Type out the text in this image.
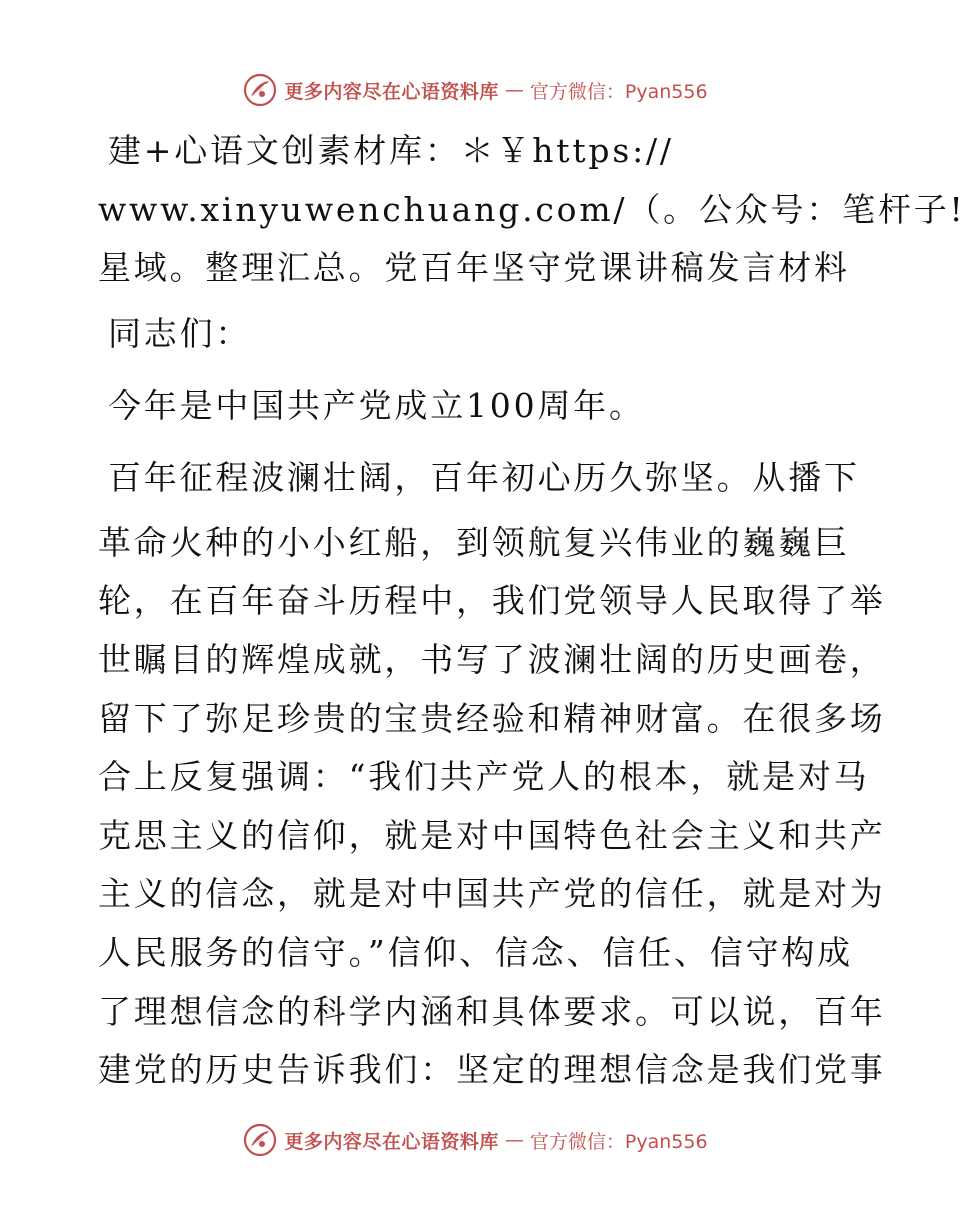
更多内容尽在心语资料库 — 官方微信：Pyan556
建+心语文创素材库：＊￥https://
www.xinyuwenchuang.com/（。公众号：笔杆子!
星域。整理汇总。党百年坚守党课讲稿发言材料
同志们：
今年是中国共产党成立100周年。
百年征程波澜壮阔，百年初心历久弥坚。从播下
革命火种的小小红船，到领航复兴伟业的巍巍巨
轮，在百年奋斗历程中，我们党领导人民取得了举
世瞩目的辉煌成就，书写了波澜壮阔的历史画卷，
留下了弥足珍贵的宝贵经验和精神财富。在很多场
合上反复强调：“我们共产党人的根本，就是对马
克思主义的信仰，就是对中国特色社会主义和共产
主义的信念，就是对中国共产党的信任，就是对为
人民服务的信守。”信仰、信念、信任、信守构成
了理想信念的科学内涵和具体要求。可以说，百年
建党的历史告诉我们：坚定的理想信念是我们党事
更多内容尽在心语资料库 — 官方微信：Pyan556
